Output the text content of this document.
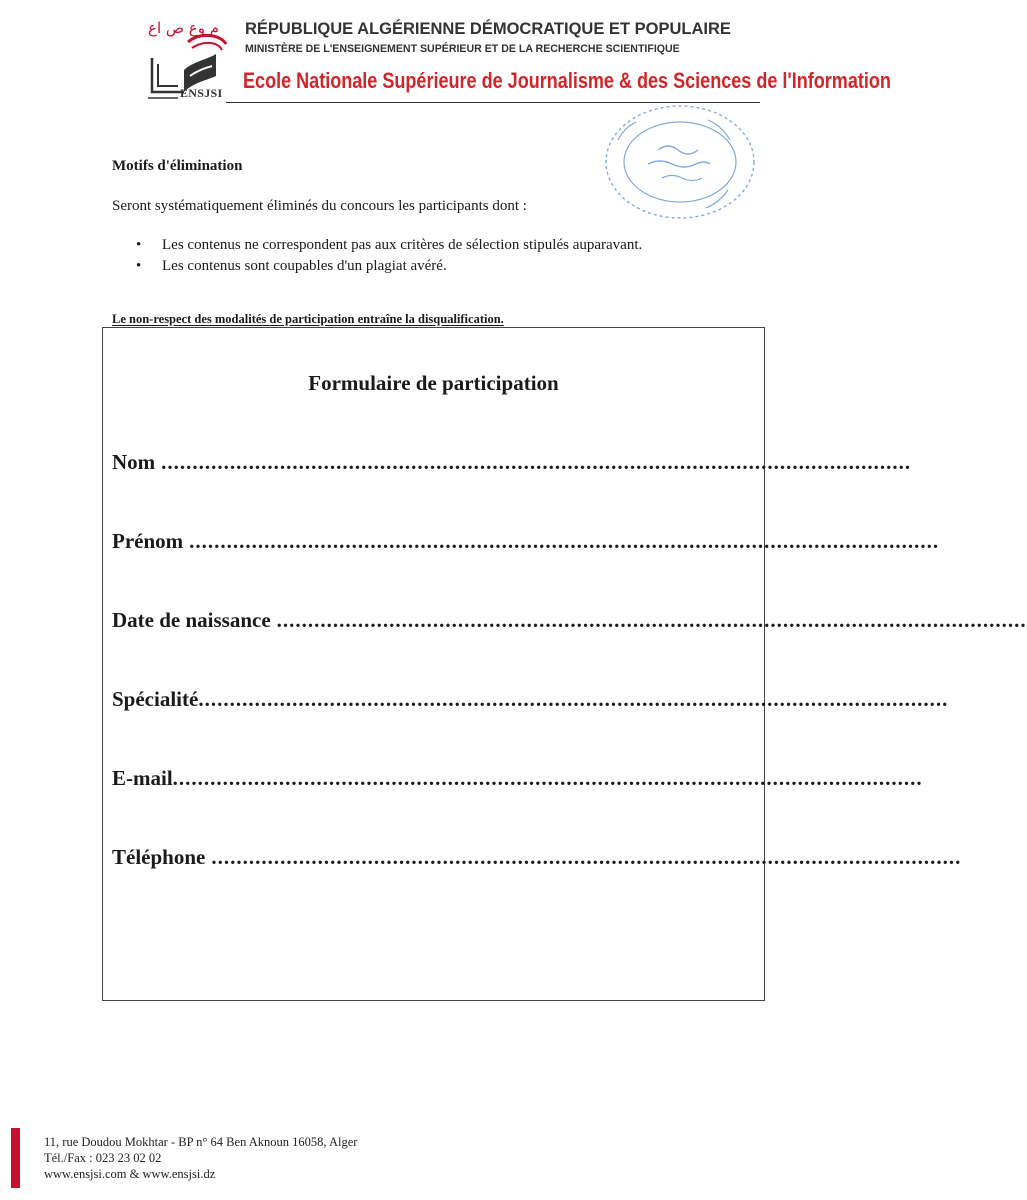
م وع ص اع
ENSJSI
RÉPUBLIQUE ALGÉRIENNE DÉMOCRATIQUE ET POPULAIRE
MINISTÈRE DE L'ENSEIGNEMENT SUPÉRIEUR ET DE LA RECHERCHE SCIENTIFIQUE
Ecole Nationale Supérieure de Journalisme & des Sciences de l'Information
Motifs d'élimination
Seront systématiquement éliminés du concours les participants dont :
• Les contenus ne correspondent pas aux critères de sélection stipulés auparavant.
• Les contenus sont coupables d'un plagiat avéré.
Le non-respect des modalités de participation entraîne la disqualification.
Formulaire de participation
Nom ........................................................................................................................
Prénom ........................................................................................................................
Date de naissance ........................................................................................................................
Spécialité ........................................................................................................................
E-mail ........................................................................................................................
Téléphone ........................................................................................................................
11, rue Doudou Mokhtar - BP n° 64 Ben Aknoun 16058, Alger
Tél./Fax : 023 23 02 02
www.ensjsi.com & www.ensjsi.dz
